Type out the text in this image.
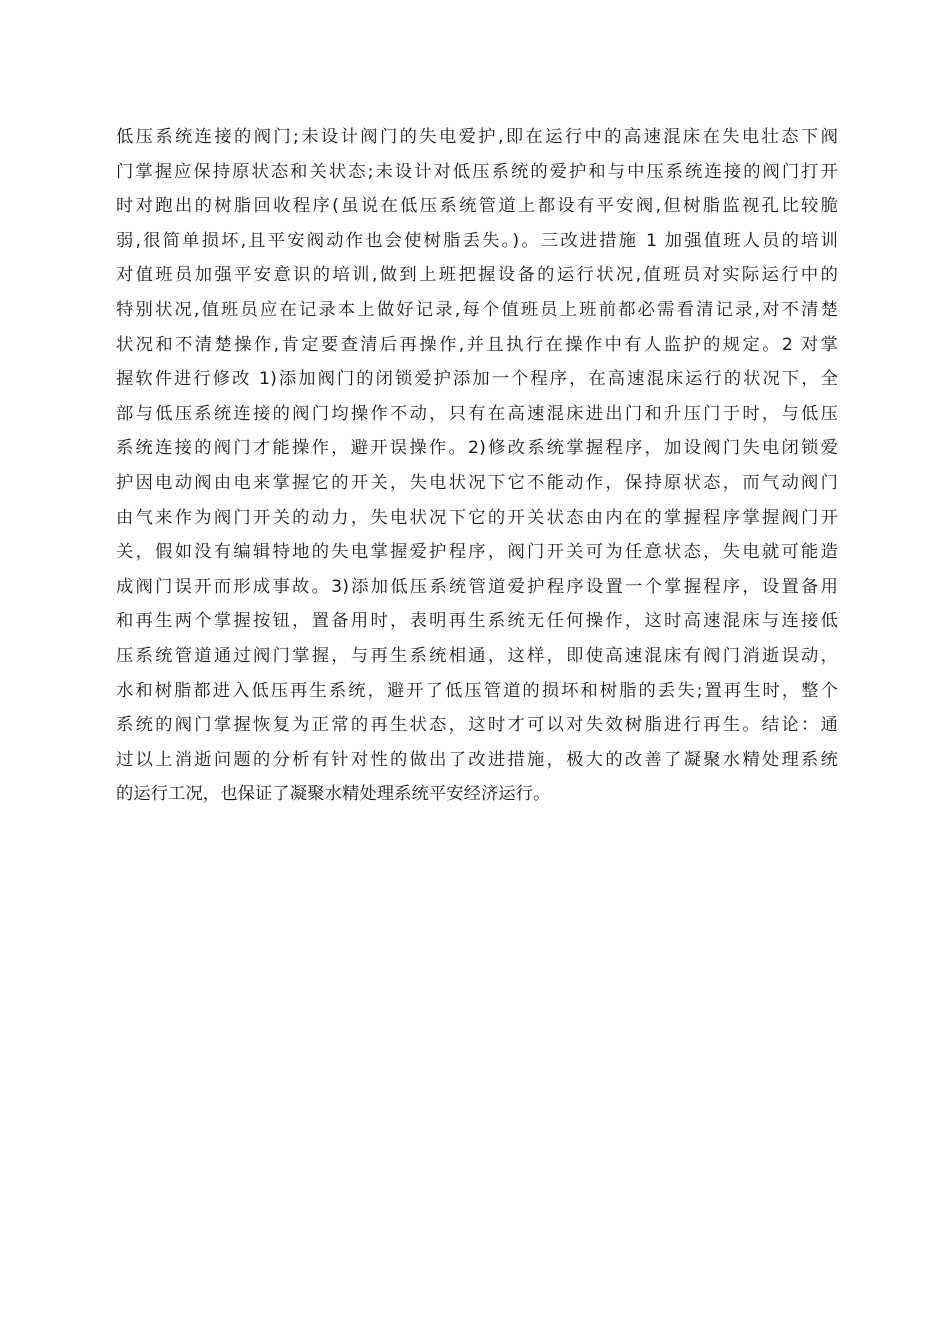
低压系统连接的阀门;未设计阀门的失电爱护,即在运行中的高速混床在失电壮态下阀
门掌握应保持原状态和关状态;未设计对低压系统的爱护和与中压系统连接的阀门打开
时对跑出的树脂回收程序(虽说在低压系统管道上都设有平安阀,但树脂监视孔比较脆
弱,很简单损坏,且平安阀动作也会使树脂丢失。)。三改进措施 1 加强值班人员的培训
对值班员加强平安意识的培训,做到上班把握设备的运行状况,值班员对实际运行中的
特别状况,值班员应在记录本上做好记录,每个值班员上班前都必需看清记录,对不清楚
状况和不清楚操作,肯定要查清后再操作,并且执行在操作中有人监护的规定。2 对掌
握软件进行修改 1)添加阀门的闭锁爱护添加一个程序，在高速混床运行的状况下，全
部与低压系统连接的阀门均操作不动，只有在高速混床进出门和升压门于时，与低压
系统连接的阀门才能操作，避开误操作。2)修改系统掌握程序，加设阀门失电闭锁爱
护因电动阀由电来掌握它的开关，失电状况下它不能动作，保持原状态，而气动阀门
由气来作为阀门开关的动力，失电状况下它的开关状态由内在的掌握程序掌握阀门开
关，假如没有编辑特地的失电掌握爱护程序，阀门开关可为任意状态，失电就可能造
成阀门误开而形成事故。3)添加低压系统管道爱护程序设置一个掌握程序，设置备用
和再生两个掌握按钮，置备用时，表明再生系统无任何操作，这时高速混床与连接低
压系统管道通过阀门掌握，与再生系统相通，这样，即使高速混床有阀门消逝误动，
水和树脂都进入低压再生系统，避开了低压管道的损坏和树脂的丢失;置再生时，整个
系统的阀门掌握恢复为正常的再生状态，这时才可以对失效树脂进行再生。结论：通
过以上消逝问题的分析有针对性的做出了改进措施，极大的改善了凝聚水精处理系统
的运行工况，也保证了凝聚水精处理系统平安经济运行。
